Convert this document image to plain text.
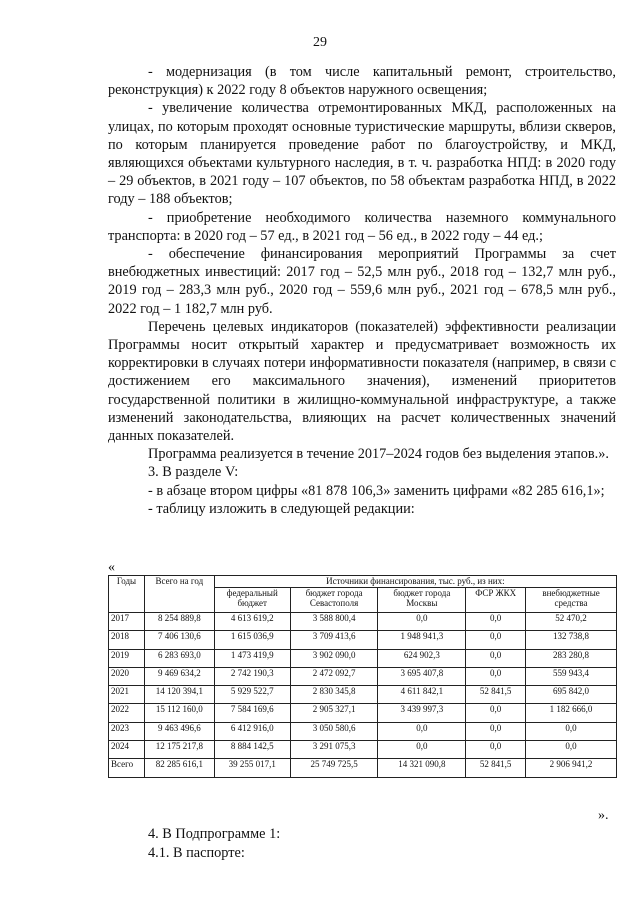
29

- модернизация (в том числе капитальный ремонт, строительство, реконструкция) к 2022 году 8 объектов наружного освещения;

- увеличение количества отремонтированных МКД, расположенных на улицах, по которым проходят основные туристические маршруты, вблизи скверов, по которым планируется проведение работ по благоустройству, и МКД, являющихся объектами культурного наследия, в т. ч. разработка НПД: в 2020 году – 29 объектов, в 2021 году – 107 объектов, по 58 объектам разработка НПД, в 2022 году – 188 объектов;

- приобретение необходимого количества наземного коммунального транспорта: в 2020 год – 57 ед., в 2021 год – 56 ед., в 2022 году – 44 ед.;

- обеспечение финансирования мероприятий Программы за счет внебюджетных инвестиций: 2017 год – 52,5 млн руб., 2018 год – 132,7 млн руб., 2019 год – 283,3 млн руб., 2020 год – 559,6 млн руб., 2021 год – 678,5 млн руб., 2022 год – 1 182,7 млн руб.

Перечень целевых индикаторов (показателей) эффективности реализации Программы носит открытый характер и предусматривает возможность их корректировки в случаях потери информативности показателя (например, в связи с достижением его максимального значения), изменений приоритетов государственной политики в жилищно-коммунальной инфраструктуре, а также изменений законодательства, влияющих на расчет количественных значений данных показателей.

Программа реализуется в течение 2017–2024 годов без выделения этапов.».

3. В разделе V:

- в абзаце втором цифры «81 878 106,3» заменить цифрами «82 285 616,1»;

- таблицу изложить в следующей редакции:

«
Годы	Всего на год	Источники финансирования, тыс. руб., из них:				
		федеральный бюджет	бюджет города Севастополя	бюджет города Москвы	ФСР ЖКХ	внебюджетные средства
2017	8 254 889,8	4 613 619,2	3 588 800,4	0,0	0,0	52 470,2
2018	7 406 130,6	1 615 036,9	3 709 413,6	1 948 941,3	0,0	132 738,8
2019	6 283 693,0	1 473 419,9	3 902 090,0	624 902,3	0,0	283 280,8
2020	9 469 634,2	2 742 190,3	2 472 092,7	3 695 407,8	0,0	559 943,4
2021	14 120 394,1	5 929 522,7	2 830 345,8	4 611 842,1	52 841,5	695 842,0
2022	15 112 160,0	7 584 169,6	2 905 327,1	3 439 997,3	0,0	1 182 666,0
2023	9 463 496,6	6 412 916,0	3 050 580,6	0,0	0,0	0,0
2024	12 175 217,8	8 884 142,5	3 291 075,3	0,0	0,0	0,0
Всего	82 285 616,1	39 255 017,1	25 749 725,5	14 321 090,8	52 841,5	2 906 941,2
».
4. В Подпрограмме 1:
4.1. В паспорте:
